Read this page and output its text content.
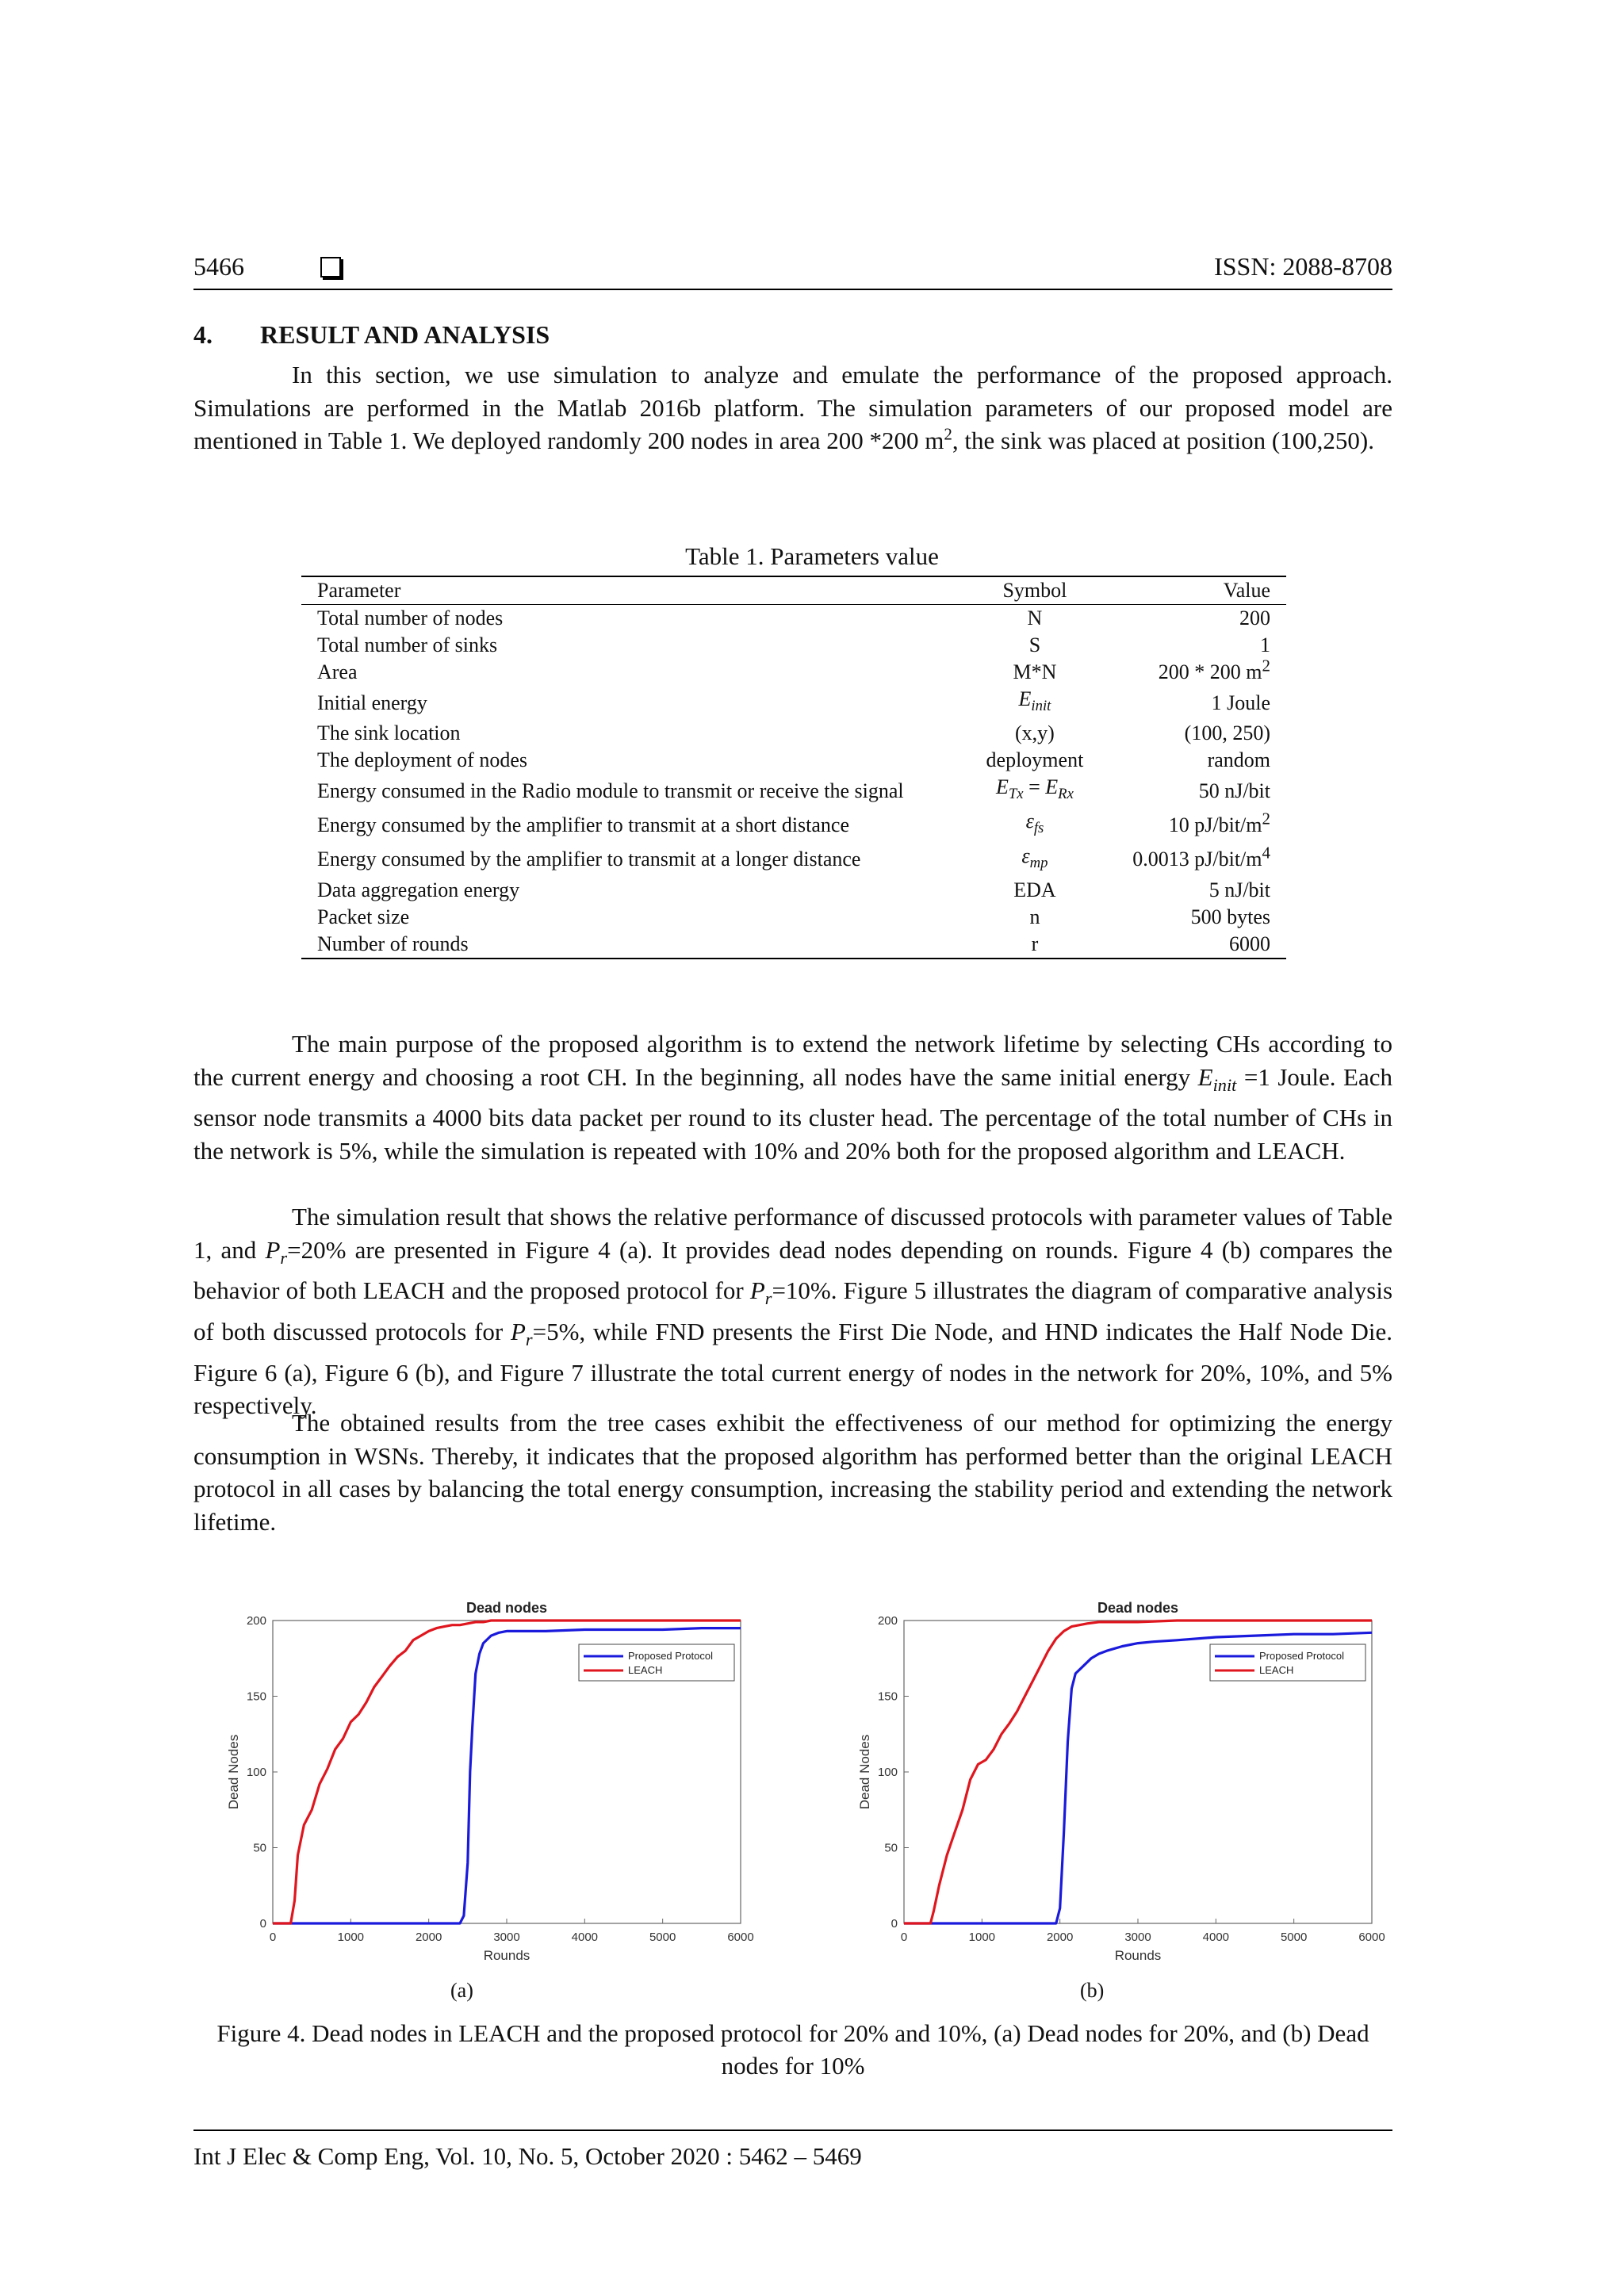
5466	ISSN: 2088-8708
4. RESULT AND ANALYSIS
In this section, we use simulation to analyze and emulate the performance of the proposed approach. Simulations are performed in the Matlab 2016b platform. The simulation parameters of our proposed model are mentioned in Table 1. We deployed randomly 200 nodes in area 200 *200 $m^2$, the sink was placed at position (100,250).
Table 1. Parameters value
Parameter	Symbol	Value
Total number of nodes	N	200
Total number of sinks	S	1
Area	M*N	200 * 200 $m^2$
Initial energy	$E_{init}$	1 Joule
The sink location	(x,y)	(100, 250)
The deployment of nodes	deployment	random
Energy consumed in the Radio module to transmit or receive the signal	$E_{Tx} = E_{Rx}$	50 nJ/bit
Energy consumed by the amplifier to transmit at a short distance	$\varepsilon_{fs}$	10 $pJ/bit/m^2$
Energy consumed by the amplifier to transmit at a longer distance	$\varepsilon_{mp}$	0.0013 $pJ/bit/m^4$
Data aggregation energy	EDA	5 nJ/bit
Packet size	n	500 bytes
Number of rounds	r	6000
The main purpose of the proposed algorithm is to extend the network lifetime by selecting CHs according to the current energy and choosing a root CH. In the beginning, all nodes have the same initial energy $E_{init} =1$ Joule. Each sensor node transmits a 4000 bits data packet per round to its cluster head. The percentage of the total number of CHs in the network is 5%, while the simulation is repeated with 10% and 20% both for the proposed algorithm and LEACH.
The simulation result that shows the relative performance of discussed protocols with parameter values of Table 1, and $P_r=20\%$ are presented in Figure 4 (a). It provides dead nodes depending on rounds. Figure 4 (b) compares the behavior of both LEACH and the proposed protocol for $P_r=10\%$. Figure 5 illustrates the diagram of comparative analysis of both discussed protocols for $P_r=5\%$, while FND presents the First Die Node, and HND indicates the Half Node Die. Figure 6 (a), Figure 6 (b), and Figure 7 illustrate the total current energy of nodes in the network for 20%, 10%, and 5% respectively.
The obtained results from the tree cases exhibit the effectiveness of our method for optimizing the energy consumption in WSNs. Thereby, it indicates that the proposed algorithm has performed better than the original LEACH protocol in all cases by balancing the total energy consumption, increasing the stability period and extending the network lifetime.
Dead nodes
0	1000	2000	3000	4000	5000	6000
0
50
100
150
200
Rounds
Dead Nodes
Proposed Protocol
LEACH
Dead nodes
0	1000	2000	3000	4000	5000	6000
0
50
100
150
200
Rounds
Dead Nodes
Proposed Protocol
LEACH
(a)	(b)
Figure 4. Dead nodes in LEACH and the proposed protocol for 20% and 10%, (a) Dead nodes for 20%, and (b) Dead nodes for 10%
Int J Elec & Comp Eng, Vol. 10, No. 5, October 2020 : 5462 – 5469
